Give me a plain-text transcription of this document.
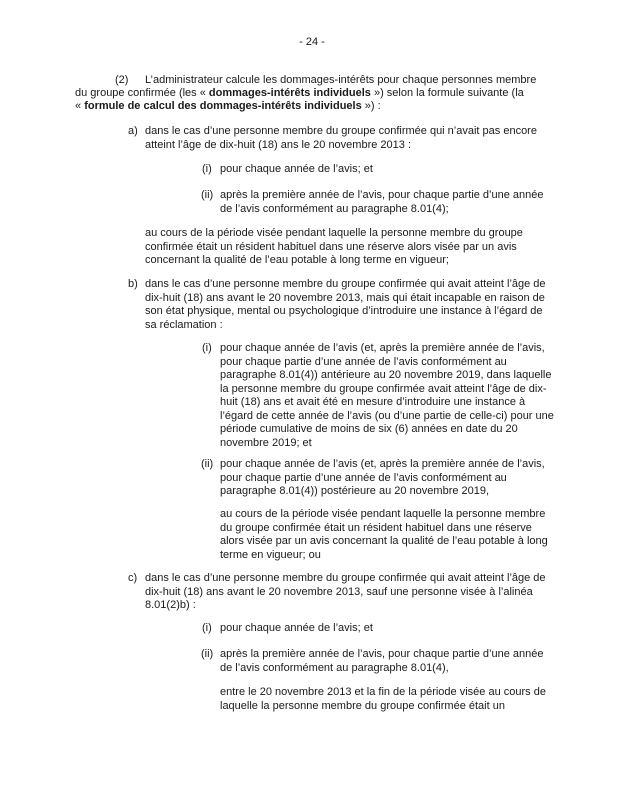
- 24 -
(2) L’administrateur calcule les dommages-intérêts pour chaque personnes membre
du groupe confirmée (les « dommages-intérêts individuels ») selon la formule suivante (la
« formule de calcul des dommages-intérêts individuels ») :
a) dans le cas d’une personne membre du groupe confirmée qui n’avait pas encore atteint l’âge de dix-huit (18) ans le 20 novembre 2013 :
(i) pour chaque année de l’avis; et
(ii) après la première année de l’avis, pour chaque partie d’une année de l’avis conformément au paragraphe 8.01(4);
au cours de la période visée pendant laquelle la personne membre du groupe confirmée était un résident habituel dans une réserve alors visée par un avis concernant la qualité de l’eau potable à long terme en vigueur;
b) dans le cas d’une personne membre du groupe confirmée qui avait atteint l’âge de dix-huit (18) ans avant le 20 novembre 2013, mais qui était incapable en raison de son état physique, mental ou psychologique d’introduire une instance à l’égard de sa réclamation :
(i) pour chaque année de l’avis (et, après la première année de l’avis, pour chaque partie d’une année de l’avis conformément au paragraphe 8.01(4)) antérieure au 20 novembre 2019, dans laquelle la personne membre du groupe confirmée avait atteint l’âge de dix-huit (18) ans et avait été en mesure d’introduire une instance à l’égard de cette année de l’avis (ou d’une partie de celle-ci) pour une période cumulative de moins de six (6) années en date du 20 novembre 2019; et
(ii) pour chaque année de l’avis (et, après la première année de l’avis, pour chaque partie d’une année de l’avis conformément au paragraphe 8.01(4)) postérieure au 20 novembre 2019,
au cours de la période visée pendant laquelle la personne membre du groupe confirmée était un résident habituel dans une réserve alors visée par un avis concernant la qualité de l’eau potable à long terme en vigueur; ou
c) dans le cas d’une personne membre du groupe confirmée qui avait atteint l’âge de dix-huit (18) ans avant le 20 novembre 2013, sauf une personne visée à l’alinéa 8.01(2)b) :
(i) pour chaque année de l’avis; et
(ii) après la première année de l’avis, pour chaque partie d’une année de l’avis conformément au paragraphe 8.01(4),
entre le 20 novembre 2013 et la fin de la période visée au cours de laquelle la personne membre du groupe confirmée était un
